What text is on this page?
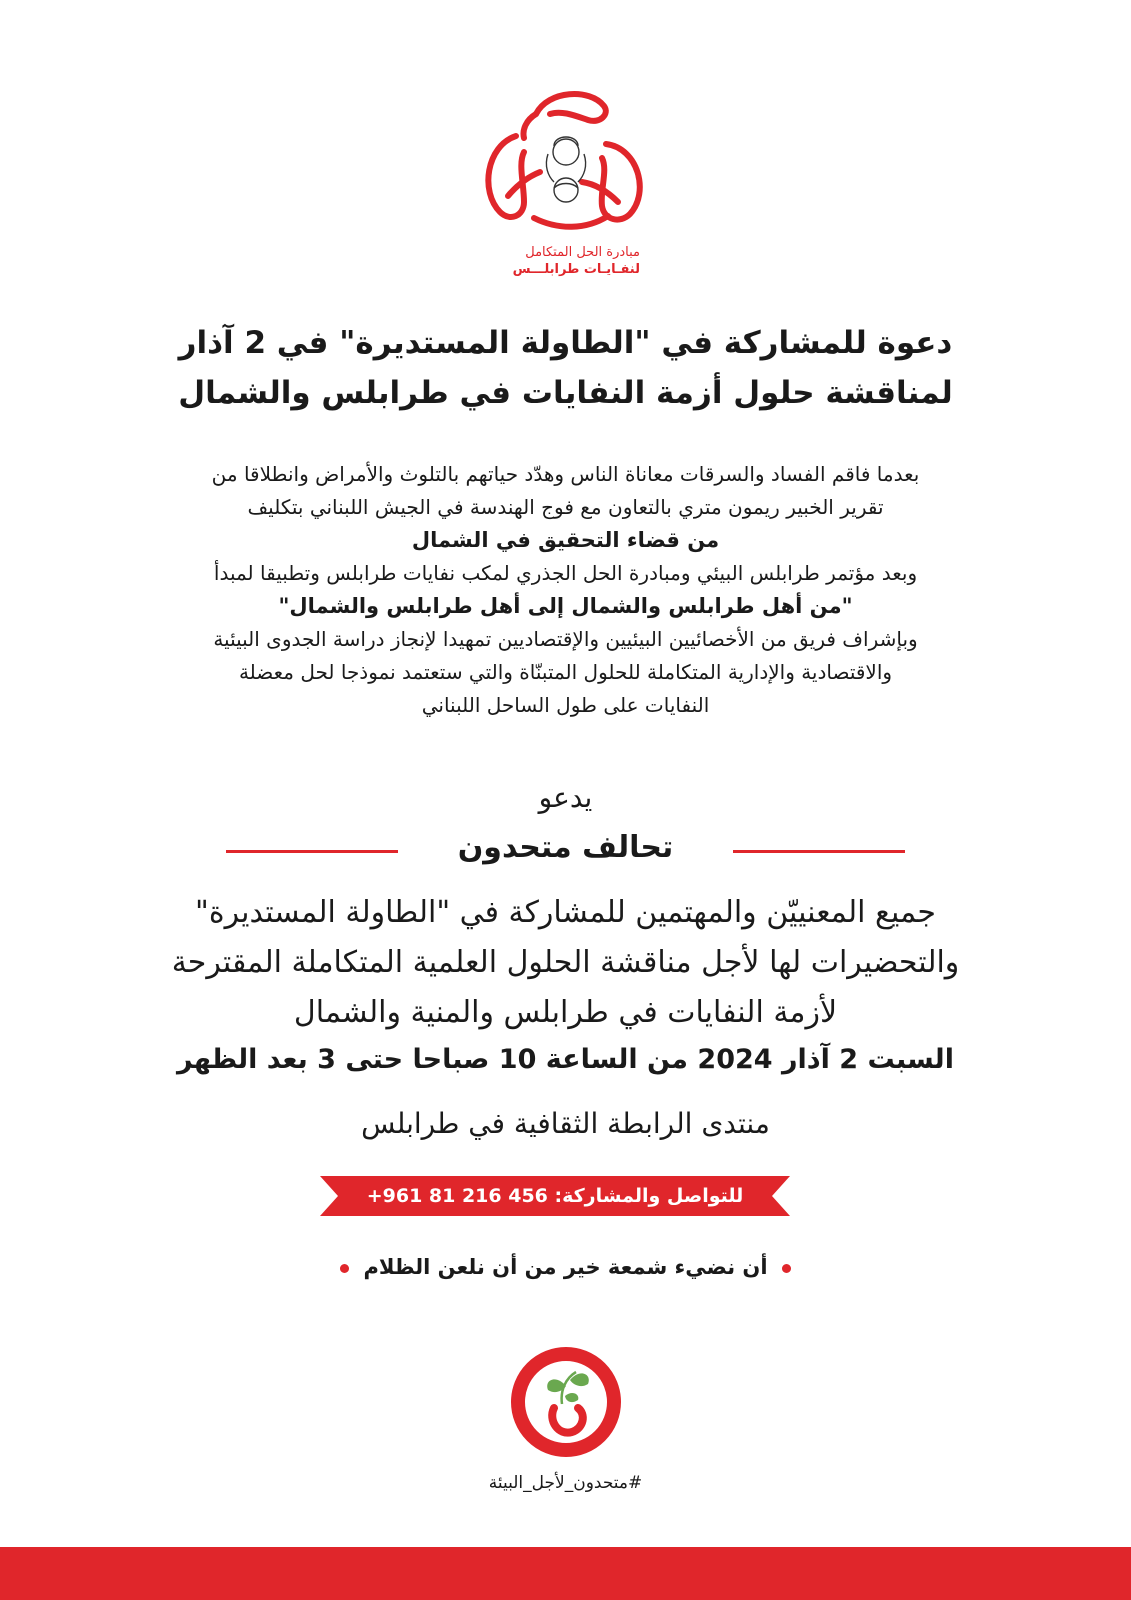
مبادرة الحل المتكامل
لنفـايـات طرابلـــس
دعوة للمشاركة في "الطاولة المستديرة" في 2 آذار
لمناقشة حلول أزمة النفايات في طرابلس والشمال
بعدما فاقم الفساد والسرقات معاناة الناس وهدّد حياتهم بالتلوث والأمراض وانطلاقا من
تقرير الخبير ريمون متري بالتعاون مع فوج الهندسة في الجيش اللبناني بتكليف
من قضاء التحقيق في الشمال
وبعد مؤتمر طرابلس البيئي ومبادرة الحل الجذري لمكب نفايات طرابلس وتطبيقا لمبدأ
"من أهل طرابلس والشمال إلى أهل طرابلس والشمال"
وبإشراف فريق من الأخصائيين البيئيين والإقتصاديين تمهيدا لإنجاز دراسة الجدوى البيئية
والاقتصادية والإدارية المتكاملة للحلول المتبنّاة والتي ستعتمد نموذجا لحل معضلة
النفايات على طول الساحل اللبناني
يدعو
تحالف متحدون
جميع المعنييّن والمهتمين للمشاركة في "الطاولة المستديرة"
والتحضيرات لها لأجل مناقشة الحلول العلمية المتكاملة المقترحة
لأزمة النفايات في طرابلس والمنية والشمال
السبت 2 آذار 2024 من الساعة 10 صباحا حتى 3 بعد الظهر
منتدى الرابطة الثقافية في طرابلس
للتواصل والمشاركة: +961 81 216 456
أن نضيء شمعة خير من أن نلعن الظلام
#متحدون_لأجل_البيئة
